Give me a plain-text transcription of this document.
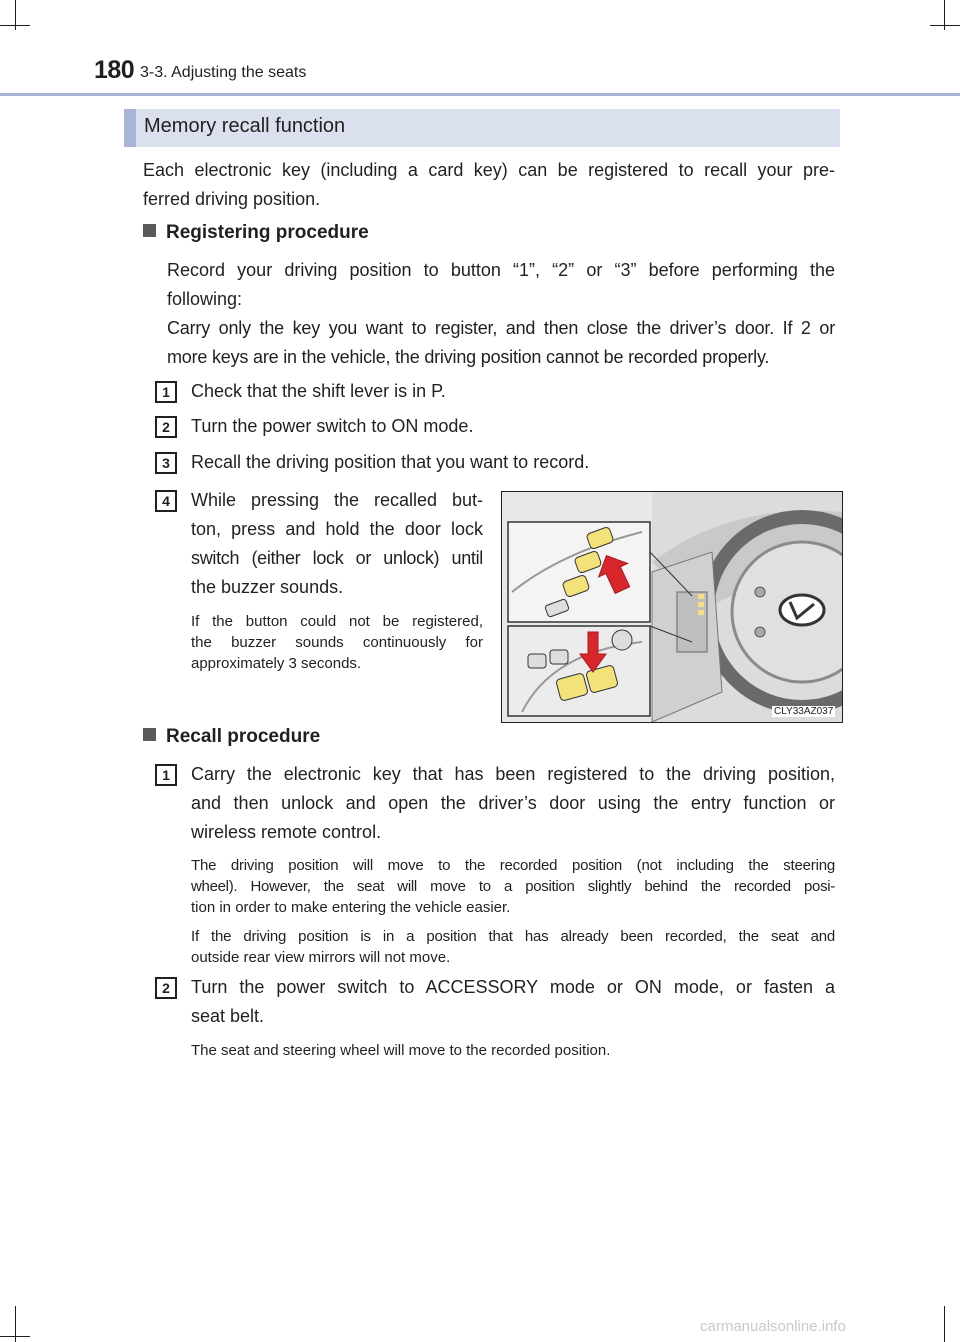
180 3-3. Adjusting the seats
Memory recall function
Each electronic key (including a card key) can be registered to recall your pre-
ferred driving position.
Registering procedure
Record your driving position to button “1”, “2” or “3” before performing the
following:
Carry only the key you want to register, and then close the driver’s door. If 2 or
more keys are in the vehicle, the driving position cannot be recorded properly.
1	Check that the shift lever is in P.
2	Turn the power switch to ON mode.
3	Recall the driving position that you want to record.
4	While pressing the recalled but-
ton, press and hold the door lock
switch (either lock or unlock) until
the buzzer sounds.
If the button could not be registered,
the buzzer sounds continuously for
approximately 3 seconds.
CLY33AZ037
Recall procedure
1	Carry the electronic key that has been registered to the driving position,
and then unlock and open the driver’s door using the entry function or
wireless remote control.
The driving position will move to the recorded position (not including the steering
wheel). However, the seat will move to a position slightly behind the recorded posi-
tion in order to make entering the vehicle easier.
If the driving position is in a position that has already been recorded, the seat and
outside rear view mirrors will not move.
2	Turn the power switch to ACCESSORY mode or ON mode, or fasten a
seat belt.
The seat and steering wheel will move to the recorded position.
carmanualsonline.info
